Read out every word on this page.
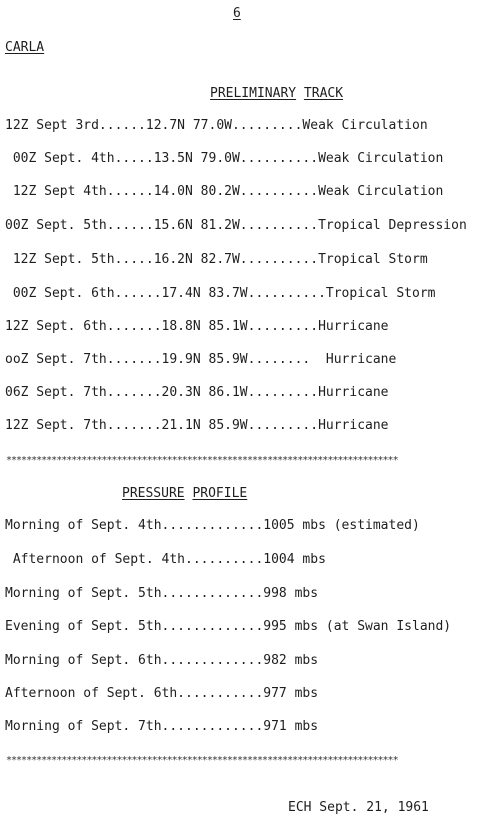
6
CARLA
PRELIMINARY TRACK
12Z Sept 3rd......12.7N 77.0W.........Weak Circulation
00Z Sept. 4th.....13.5N 79.0W..........Weak Circulation
12Z Sept 4th......14.0N 80.2W..........Weak Circulation
00Z Sept. 5th......15.6N 81.2W..........Tropical Depression
12Z Sept. 5th.....16.2N 82.7W..........Tropical Storm
00Z Sept. 6th......17.4N 83.7W..........Tropical Storm
12Z Sept. 6th.......18.8N 85.1W.........Hurricane
ooZ Sept. 7th.......19.9N 85.9W........  Hurricane
06Z Sept. 7th.......20.3N 86.1W.........Hurricane
12Z Sept. 7th.......21.1N 85.9W.........Hurricane
******************************************************************************
PRESSURE PROFILE
Morning of Sept. 4th.............1005 mbs (estimated)
Afternoon of Sept. 4th..........1004 mbs
Morning of Sept. 5th.............998 mbs
Evening of Sept. 5th.............995 mbs (at Swan Island)
Morning of Sept. 6th.............982 mbs
Afternoon of Sept. 6th...........977 mbs
Morning of Sept. 7th.............971 mbs
******************************************************************************
ECH Sept. 21, 1961
